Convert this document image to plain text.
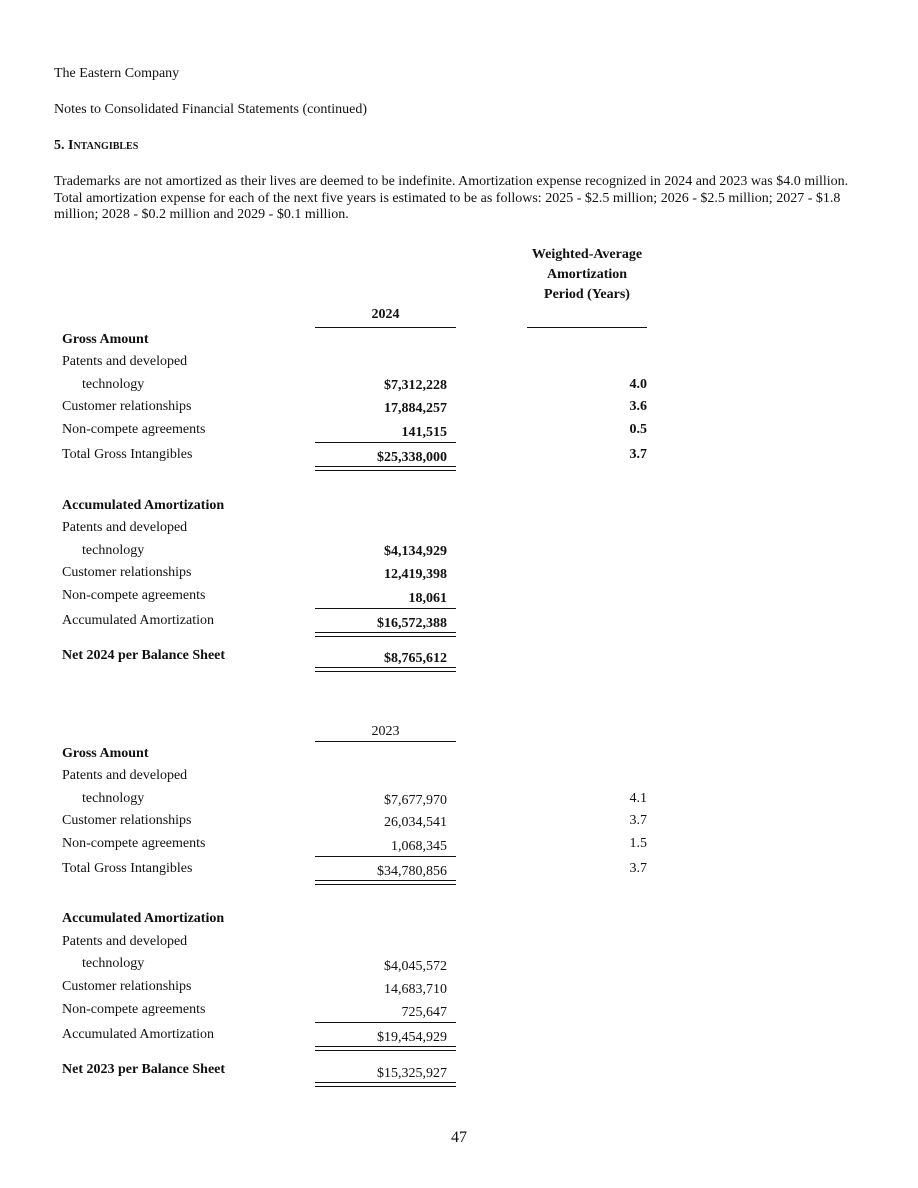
The Eastern Company
Notes to Consolidated Financial Statements (continued)
5. Intangibles
Trademarks are not amortized as their lives are deemed to be indefinite. Amortization expense recognized in 2024 and 2023 was $4.0 million. Total amortization expense for each of the next five years is estimated to be as follows: 2025 - $2.5 million; 2026 - $2.5 million; 2027 - $1.8 million; 2028 - $0.2 million and 2029 - $0.1 million.
Weighted-Average Amortization Period (Years)
2024
Gross Amount
Patents and developed
technology	$7,312,228	4.0
Customer relationships	17,884,257	3.6
Non-compete agreements	141,515	0.5
Total Gross Intangibles	$25,338,000	3.7
Accumulated Amortization
Patents and developed
technology	$4,134,929
Customer relationships	12,419,398
Non-compete agreements	18,061
Accumulated Amortization	$16,572,388
Net 2024 per Balance Sheet	$8,765,612
2023
Gross Amount
Patents and developed
technology	$7,677,970	4.1
Customer relationships	26,034,541	3.7
Non-compete agreements	1,068,345	1.5
Total Gross Intangibles	$34,780,856	3.7
Accumulated Amortization
Patents and developed
technology	$4,045,572
Customer relationships	14,683,710
Non-compete agreements	725,647
Accumulated Amortization	$19,454,929
Net 2023 per Balance Sheet	$15,325,927
47
